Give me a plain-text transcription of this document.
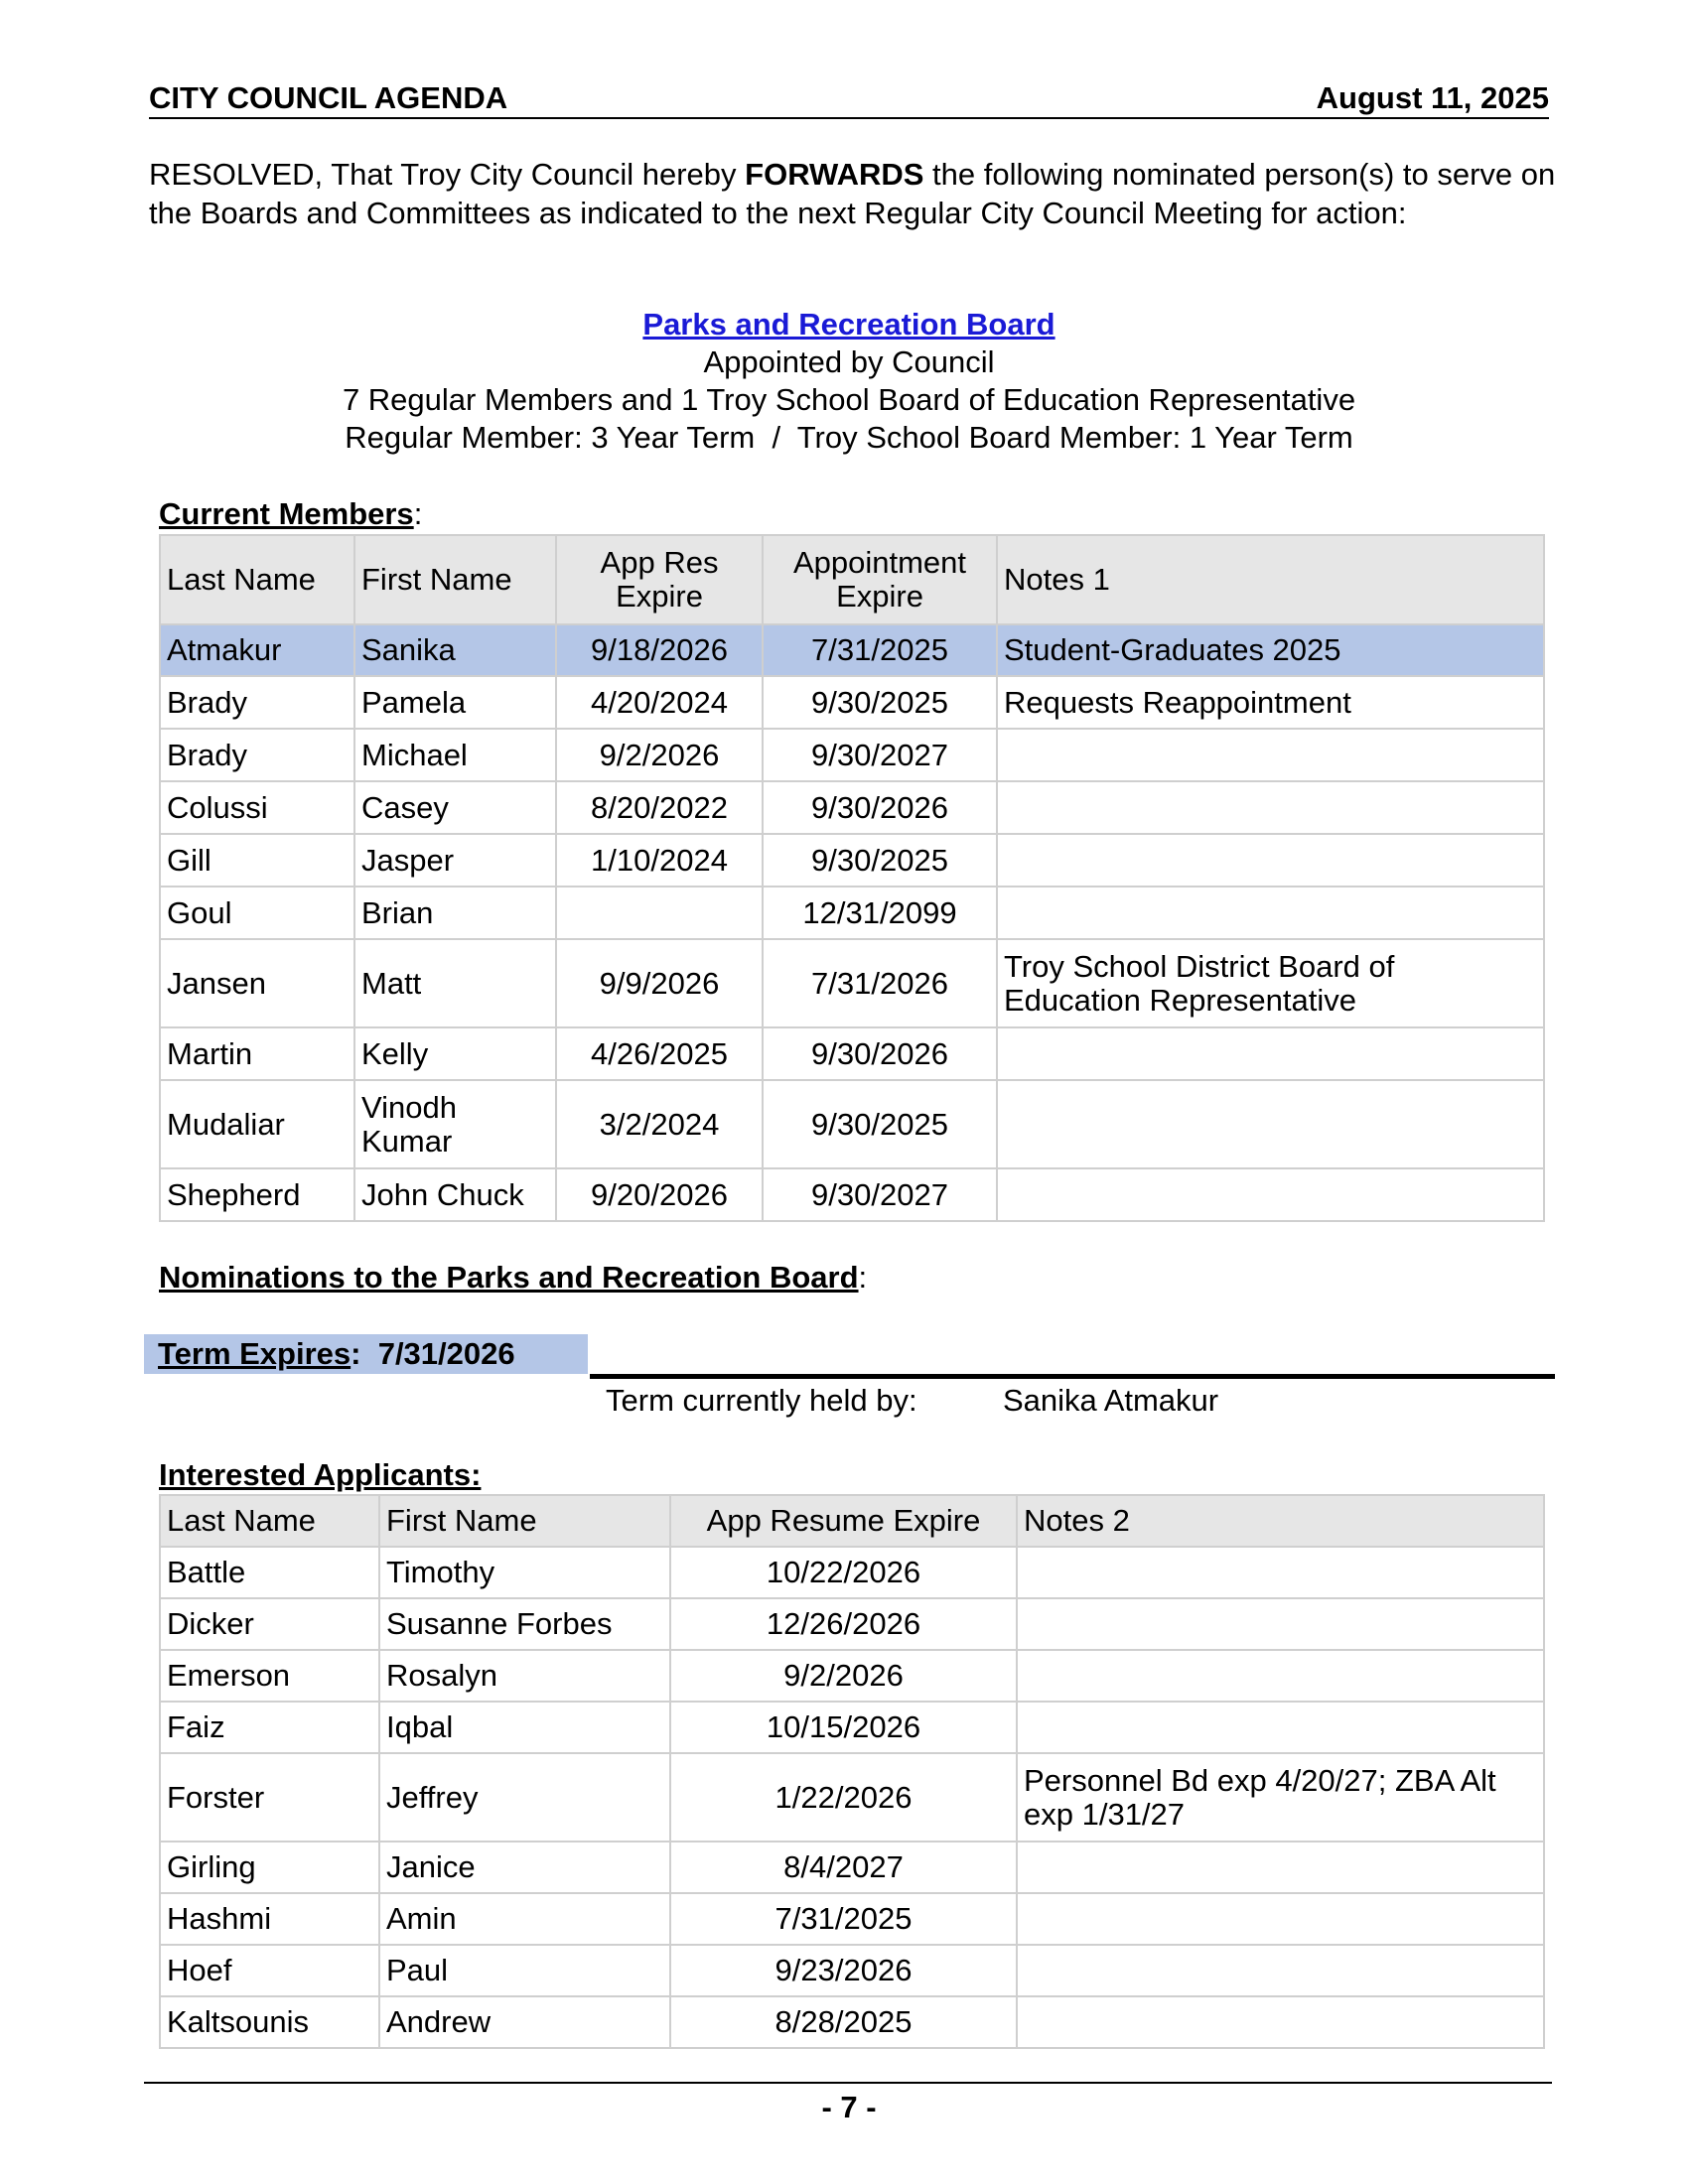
CITY COUNCIL AGENDA	August 11, 2025
RESOLVED, That Troy City Council hereby FORWARDS the following nominated person(s) to serve on the Boards and Committees as indicated to the next Regular City Council Meeting for action:
Parks and Recreation Board
Appointed by Council
7 Regular Members and 1 Troy School Board of Education Representative
Regular Member: 3 Year Term  /  Troy School Board Member: 1 Year Term
Current Members:
Last Name	First Name	App Res Expire	Appointment Expire	Notes 1
Atmakur	Sanika	9/18/2026	7/31/2025	Student-Graduates 2025
Brady	Pamela	4/20/2024	9/30/2025	Requests Reappointment
Brady	Michael	9/2/2026	9/30/2027	
Colussi	Casey	8/20/2022	9/30/2026	
Gill	Jasper	1/10/2024	9/30/2025	
Goul	Brian		12/31/2099	
Jansen	Matt	9/9/2026	7/31/2026	Troy School District Board of Education Representative
Martin	Kelly	4/26/2025	9/30/2026	
Mudaliar	Vinodh Kumar	3/2/2024	9/30/2025	
Shepherd	John Chuck	9/20/2026	9/30/2027	
Nominations to the Parks and Recreation Board:
Term Expires: 7/31/2026
Term currently held by:	Sanika Atmakur
Interested Applicants:
Last Name	First Name	App Resume Expire	Notes 2
Battle	Timothy	10/22/2026	
Dicker	Susanne Forbes	12/26/2026	
Emerson	Rosalyn	9/2/2026	
Faiz	Iqbal	10/15/2026	
Forster	Jeffrey	1/22/2026	Personnel Bd exp 4/20/27; ZBA Alt exp 1/31/27
Girling	Janice	8/4/2027	
Hashmi	Amin	7/31/2025	
Hoef	Paul	9/23/2026	
Kaltsounis	Andrew	8/28/2025	
- 7 -
